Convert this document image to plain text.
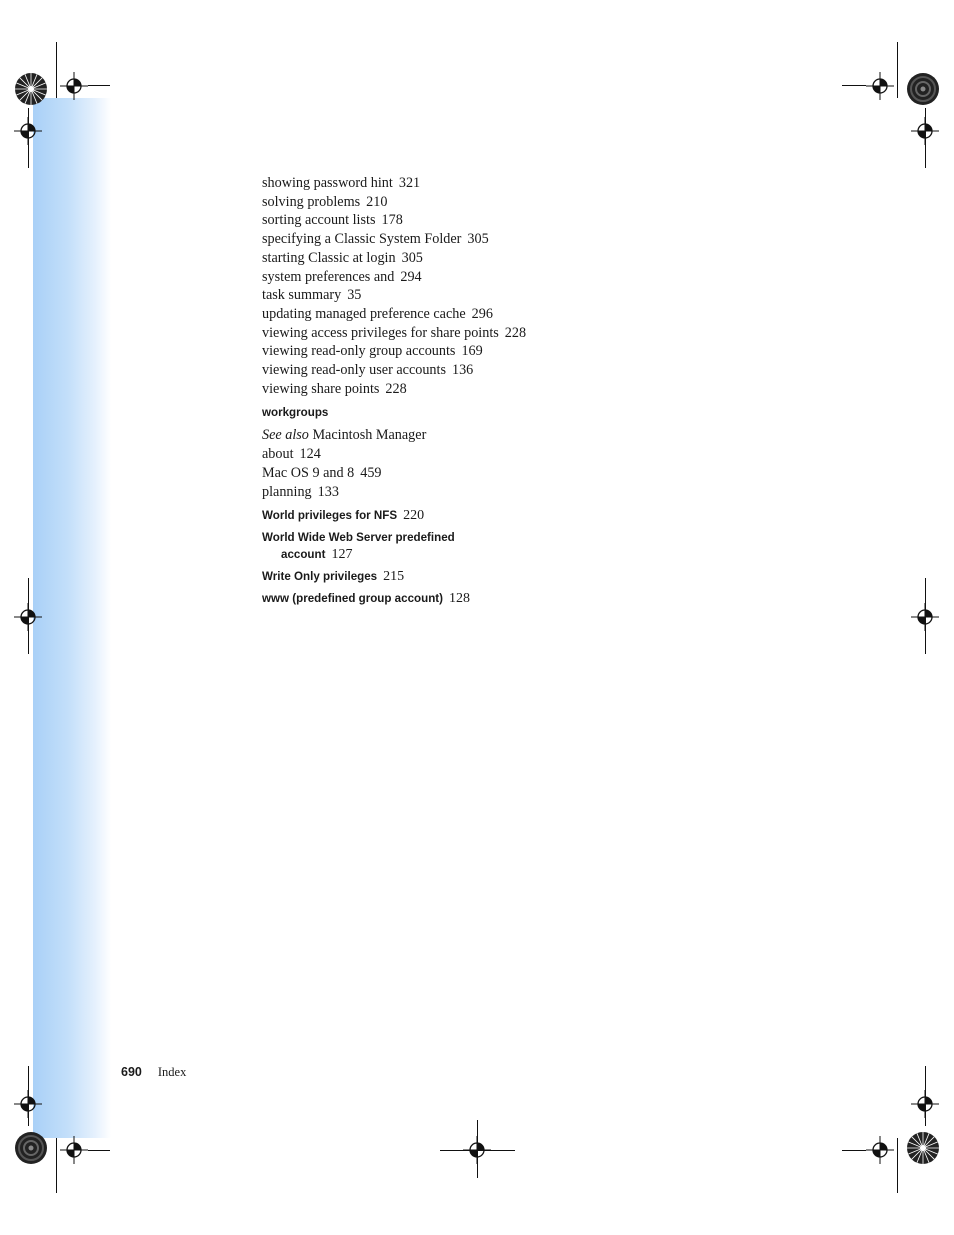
showing password hint 321
solving problems 210
sorting account lists 178
specifying a Classic System Folder 305
starting Classic at login 305
system preferences and 294
task summary 35
updating managed preference cache 296
viewing access privileges for share points 228
viewing read-only group accounts 169
viewing read-only user accounts 136
viewing share points 228
workgroups
See also Macintosh Manager
about 124
Mac OS 9 and 8 459
planning 133
World privileges for NFS 220
World Wide Web Server predefined
account 127
Write Only privileges 215
www (predefined group account) 128
690 Index
